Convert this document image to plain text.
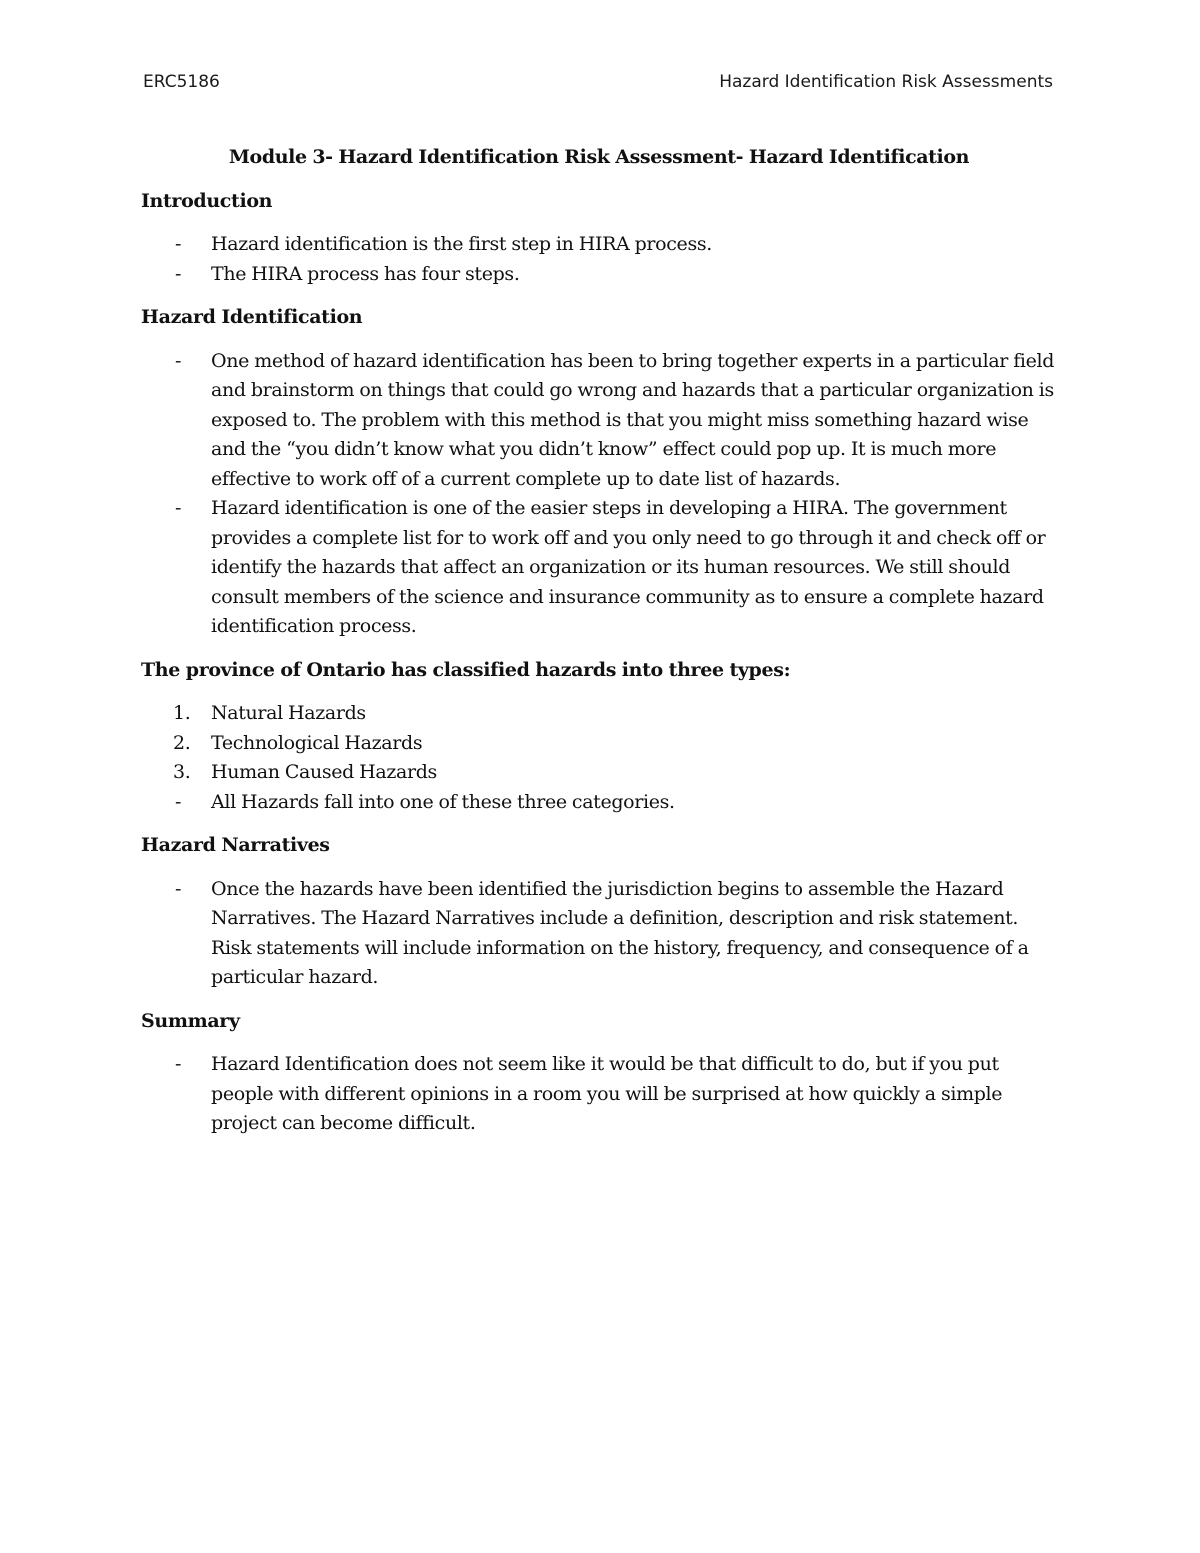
ERC5186	Hazard Identification Risk Assessments
Module 3- Hazard Identification Risk Assessment- Hazard Identification
Introduction
- Hazard identification is the first step in HIRA process.
- The HIRA process has four steps.
Hazard Identification
- One method of hazard identification has been to bring together experts in a particular field and brainstorm on things that could go wrong and hazards that a particular organization is exposed to. The problem with this method is that you might miss something hazard wise and the “you didn’t know what you didn’t know” effect could pop up. It is much more effective to work off of a current complete up to date list of hazards.
- Hazard identification is one of the easier steps in developing a HIRA. The government provides a complete list for to work off and you only need to go through it and check off or identify the hazards that affect an organization or its human resources. We still should consult members of the science and insurance community as to ensure a complete hazard identification process.
The province of Ontario has classified hazards into three types:
1. Natural Hazards
2. Technological Hazards
3. Human Caused Hazards
- All Hazards fall into one of these three categories.
Hazard Narratives
- Once the hazards have been identified the jurisdiction begins to assemble the Hazard Narratives. The Hazard Narratives include a definition, description and risk statement. Risk statements will include information on the history, frequency, and consequence of a particular hazard.
Summary
- Hazard Identification does not seem like it would be that difficult to do, but if you put people with different opinions in a room you will be surprised at how quickly a simple project can become difficult.
